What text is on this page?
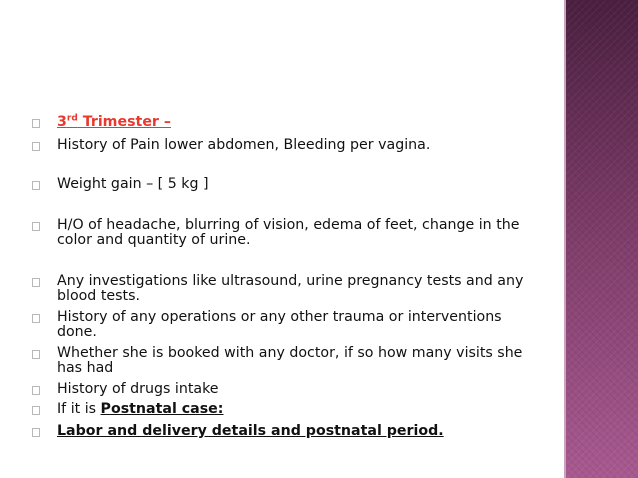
3rd Trimester –
History of Pain lower abdomen, Bleeding per vagina.
Weight gain – [ 5 kg ]
H/O of headache, blurring of vision, edema of feet, change in the color and quantity of urine.
Any investigations like ultrasound, urine pregnancy tests and any blood tests.
History of any operations or any other trauma or interventions done.
Whether she is booked with any doctor, if so how many visits she has had
History of drugs intake
If it is Postnatal case:
Labor and delivery details and postnatal period.
